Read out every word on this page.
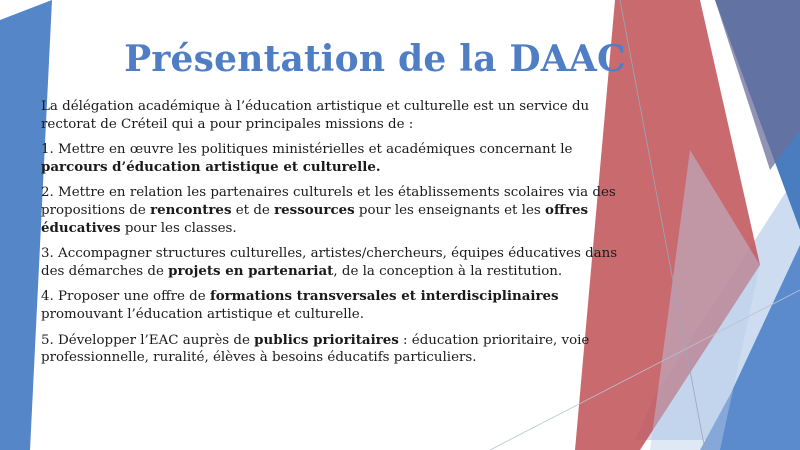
Présentation de la DAAC

La délégation académique à l’éducation artistique et culturelle est un service du rectorat de Créteil qui a pour principales missions de :

1. Mettre en œuvre les politiques ministérielles et académiques concernant le parcours d’éducation artistique et culturelle.

2. Mettre en relation les partenaires culturels et les établissements scolaires via des propositions de rencontres et de ressources pour les enseignants et les offres éducatives pour les classes.

3. Accompagner structures culturelles, artistes/chercheurs, équipes éducatives dans des démarches de projets en partenariat, de la conception à la restitution.

4. Proposer une offre de formations transversales et interdisciplinaires promouvant l’éducation artistique et culturelle.

5. Développer l’EAC auprès de publics prioritaires : éducation prioritaire, voie professionnelle, ruralité, élèves à besoins éducatifs particuliers.
